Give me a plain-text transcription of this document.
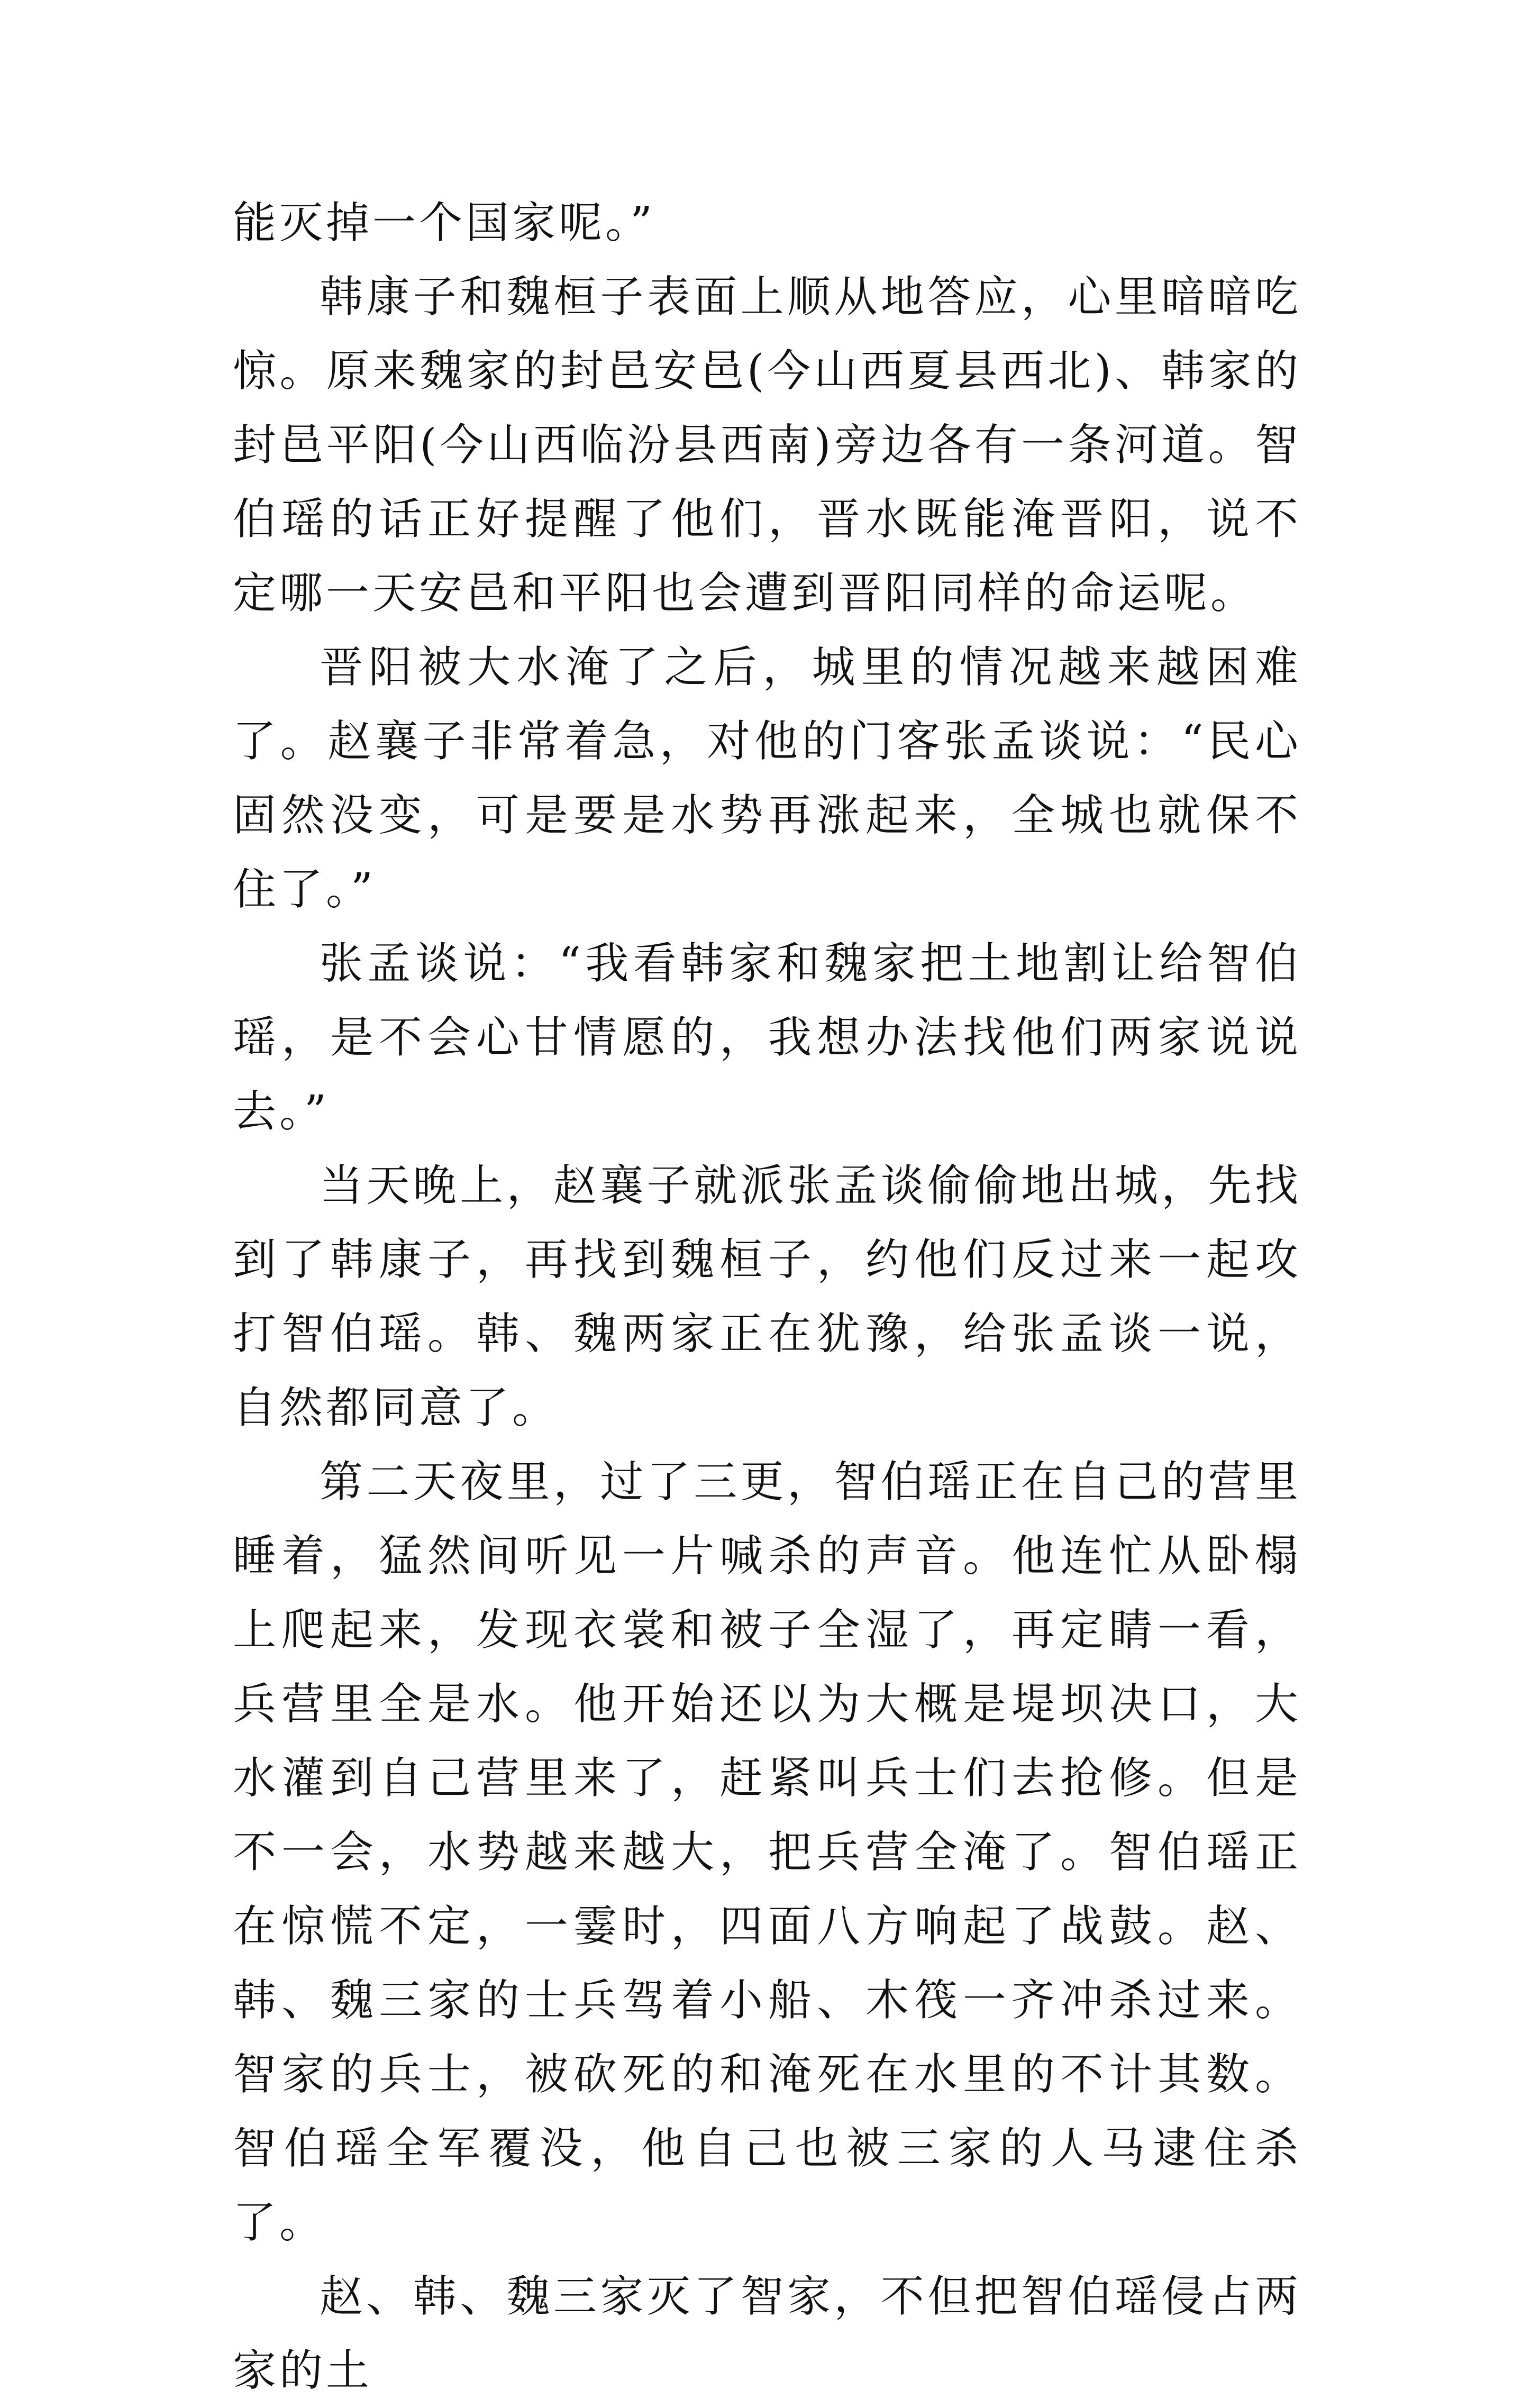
能灭掉一个国家呢。”

韩康子和魏桓子表面上顺从地答应，心里暗暗吃惊。原来魏家的封邑安邑(今山西夏县西北)、韩家的封邑平阳(今山西临汾县西南)旁边各有一条河道。智伯瑶的话正好提醒了他们，晋水既能淹晋阳，说不定哪一天安邑和平阳也会遭到晋阳同样的命运呢。

晋阳被大水淹了之后，城里的情况越来越困难了。赵襄子非常着急，对他的门客张孟谈说：“民心固然没变，可是要是水势再涨起来，全城也就保不住了。”

张孟谈说：“我看韩家和魏家把土地割让给智伯瑶，是不会心甘情愿的，我想办法找他们两家说说去。”

当天晚上，赵襄子就派张孟谈偷偷地出城，先找到了韩康子，再找到魏桓子，约他们反过来一起攻打智伯瑶。韩、魏两家正在犹豫，给张孟谈一说，自然都同意了。

第二天夜里，过了三更，智伯瑶正在自己的营里睡着，猛然间听见一片喊杀的声音。他连忙从卧榻上爬起来，发现衣裳和被子全湿了，再定睛一看，兵营里全是水。他开始还以为大概是堤坝决口，大水灌到自己营里来了，赶紧叫兵士们去抢修。但是不一会，水势越来越大，把兵营全淹了。智伯瑶正在惊慌不定，一霎时，四面八方响起了战鼓。赵、韩、魏三家的士兵驾着小船、木筏一齐冲杀过来。智家的兵士，被砍死的和淹死在水里的不计其数。智伯瑶全军覆没，他自己也被三家的人马逮住杀了。

赵、韩、魏三家灭了智家，不但把智伯瑶侵占两家的土
